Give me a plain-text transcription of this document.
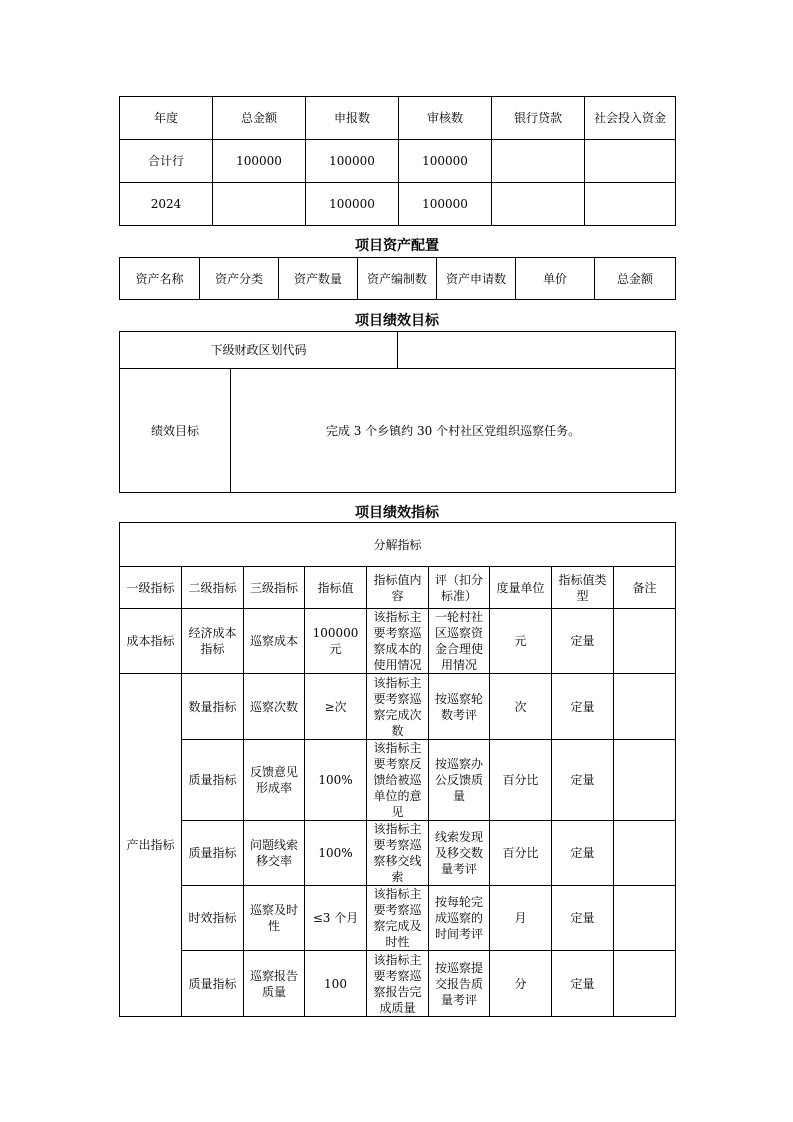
年度	总金额	申报数	审核数	银行贷款	社会投入资金
合计行	100000	100000	100000		
2024		100000	100000		
项目资产配置
资产名称	资产分类	资产数量	资产编制数	资产申请数	单价	总金额
项目绩效目标
下级财政区划代码		
绩效目标	完成 3 个乡镇约 30 个村社区党组织巡察任务。	
项目绩效指标
分解指标								
一级指标	二级指标	三级指标	指标值	指标值内容	评（扣分标准）	度量单位	指标值类型	备注
成本指标	经济成本指标	巡察成本	100000 元	该指标主要考察巡察成本的使用情况	一轮村社区巡察资金合理使用情况	元	定量	
产出指标	数量指标	巡察次数	≥次	该指标主要考察巡察完成次数	按巡察轮数考评	次	定量	
	质量指标	反馈意见形成率	100%	该指标主要考察反馈给被巡单位的意见	按巡察办公反馈质量	百分比	定量	
	质量指标	问题线索移交率	100%	该指标主要考察巡察移交线索	线索发现及移交数量考评	百分比	定量	
	时效指标	巡察及时性	≤3 个月	该指标主要考察巡察完成及时性	按每轮完成巡察的时间考评	月	定量	
	质量指标	巡察报告质量	100	该指标主要考察巡察报告完成质量	按巡察提交报告质量考评	分	定量	
